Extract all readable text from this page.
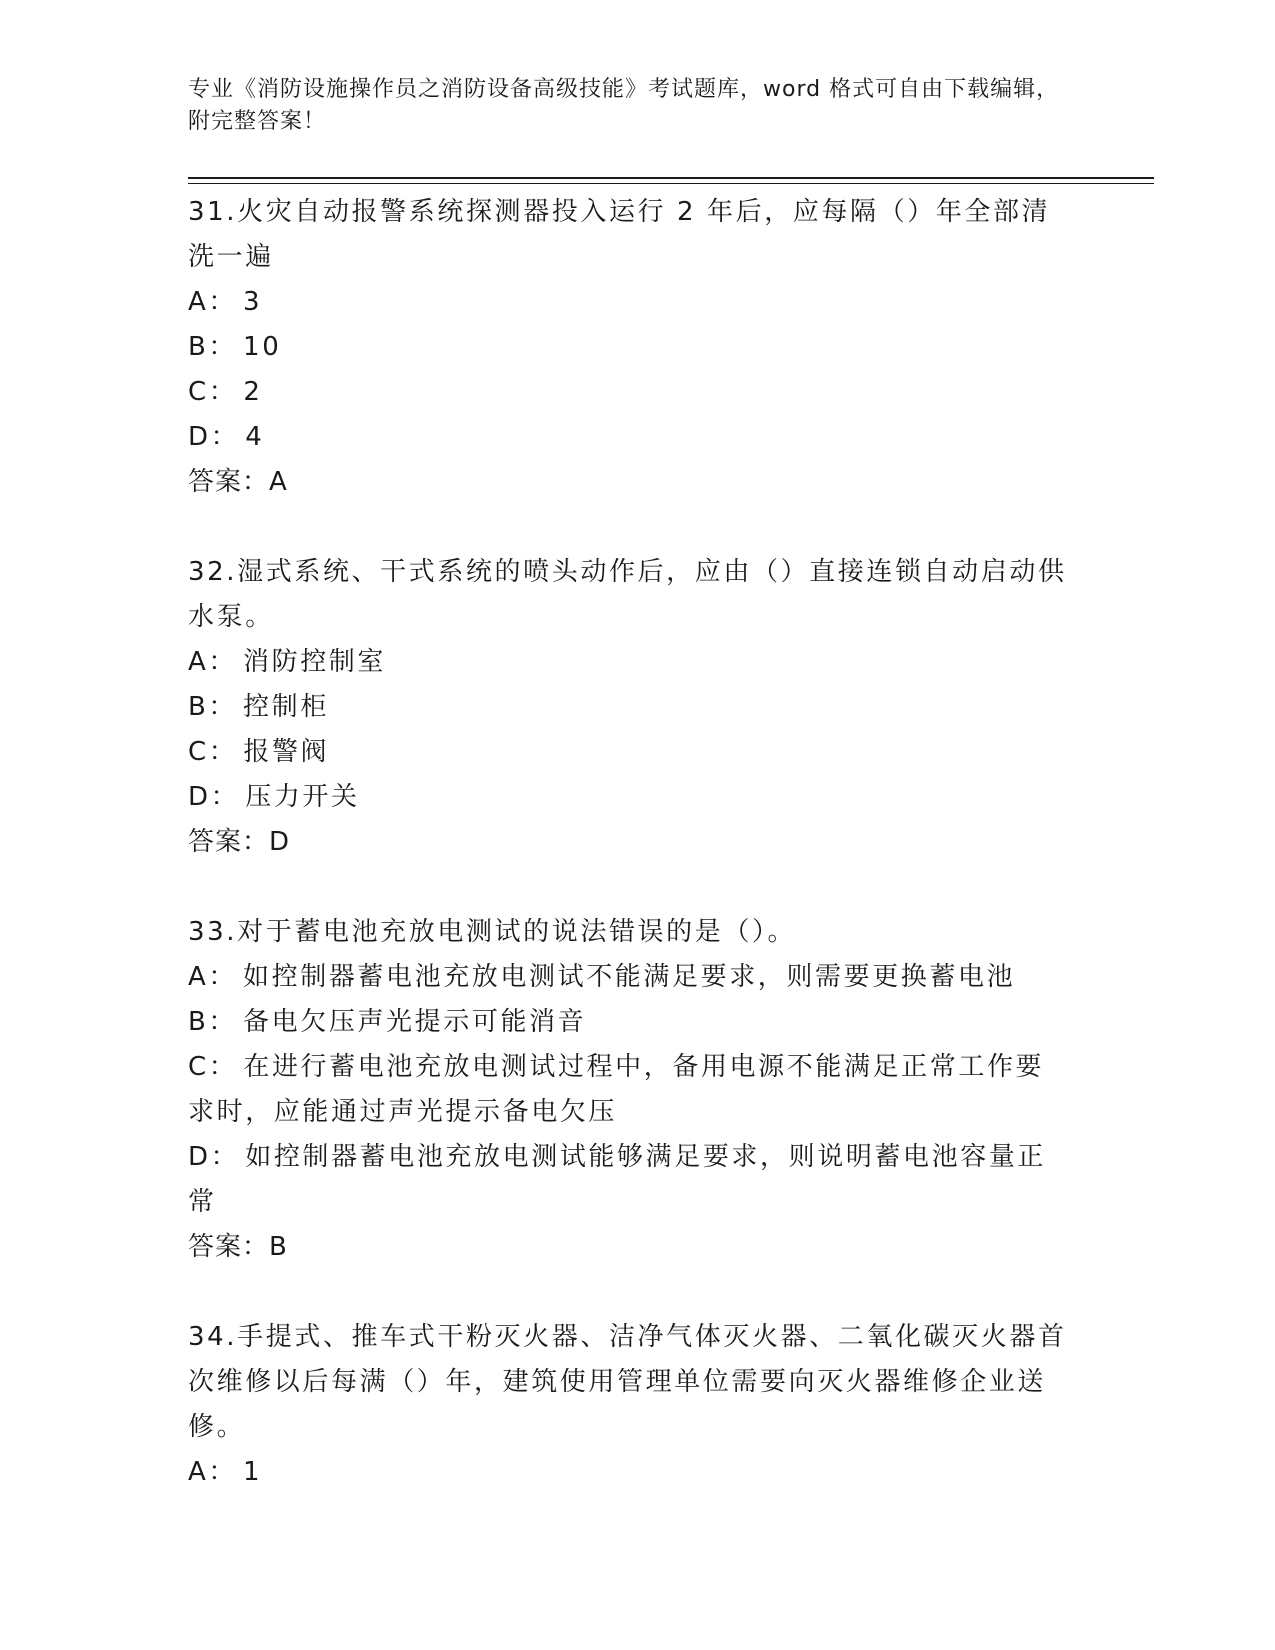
专业《消防设施操作员之消防设备高级技能》考试题库，word 格式可自由下载编辑，附完整答案！
31.火灾自动报警系统探测器投入运行 2 年后，应每隔（）年全部清洗一遍
A： 3
B： 10
C： 2
D： 4
答案：A
32.湿式系统、干式系统的喷头动作后，应由（）直接连锁自动启动供水泵。
A： 消防控制室
B： 控制柜
C： 报警阀
D： 压力开关
答案：D
33.对于蓄电池充放电测试的说法错误的是（）。
A： 如控制器蓄电池充放电测试不能满足要求，则需要更换蓄电池
B： 备电欠压声光提示可能消音
C： 在进行蓄电池充放电测试过程中，备用电源不能满足正常工作要求时，应能通过声光提示备电欠压
D： 如控制器蓄电池充放电测试能够满足要求，则说明蓄电池容量正常
答案：B
34.手提式、推车式干粉灭火器、洁净气体灭火器、二氧化碳灭火器首次维修以后每满（）年，建筑使用管理单位需要向灭火器维修企业送修。
A： 1
